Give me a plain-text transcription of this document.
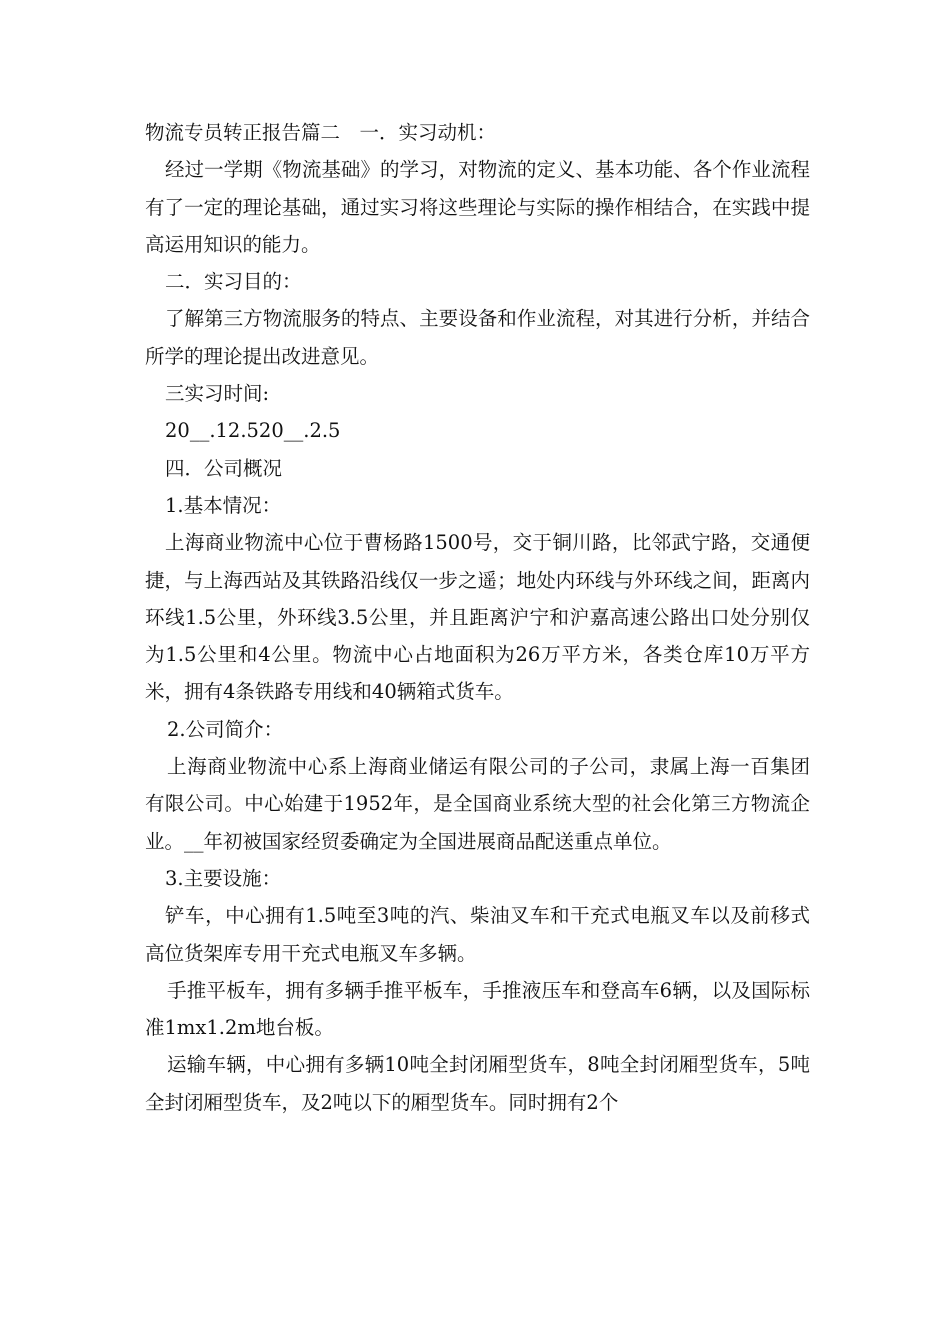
物流专员转正报告篇二　一．实习动机：

经过一学期《物流基础》的学习，对物流的定义、基本功能、各个作业流程有了一定的理论基础，通过实习将这些理论与实际的操作相结合，在实践中提高运用知识的能力。

二．实习目的：

了解第三方物流服务的特点、主要设备和作业流程，对其进行分析，并结合所学的理论提出改进意见。

三实习时间:

20__.12.520__.2.5

四．公司概况

1.基本情况：

上海商业物流中心位于曹杨路1500号，交于铜川路，比邻武宁路，交通便捷，与上海西站及其铁路沿线仅一步之遥；地处内环线与外环线之间，距离内环线1.5公里，外环线3.5公里，并且距离沪宁和沪嘉高速公路出口处分别仅为1.5公里和4公里。物流中心占地面积为26万平方米，各类仓库10万平方米，拥有4条铁路专用线和40辆箱式货车。

2.公司简介：

上海商业物流中心系上海商业储运有限公司的子公司，隶属上海一百集团有限公司。中心始建于1952年，是全国商业系统大型的社会化第三方物流企业。__年初被国家经贸委确定为全国进展商品配送重点单位。

3.主要设施：

铲车，中心拥有1.5吨至3吨的汽、柴油叉车和干充式电瓶叉车以及前移式高位货架库专用干充式电瓶叉车多辆。

手推平板车，拥有多辆手推平板车，手推液压车和登高车6辆，以及国际标准1mx1.2m地台板。

运输车辆，中心拥有多辆10吨全封闭厢型货车，8吨全封闭厢型货车，5吨全封闭厢型货车，及2吨以下的厢型货车。同时拥有2个
